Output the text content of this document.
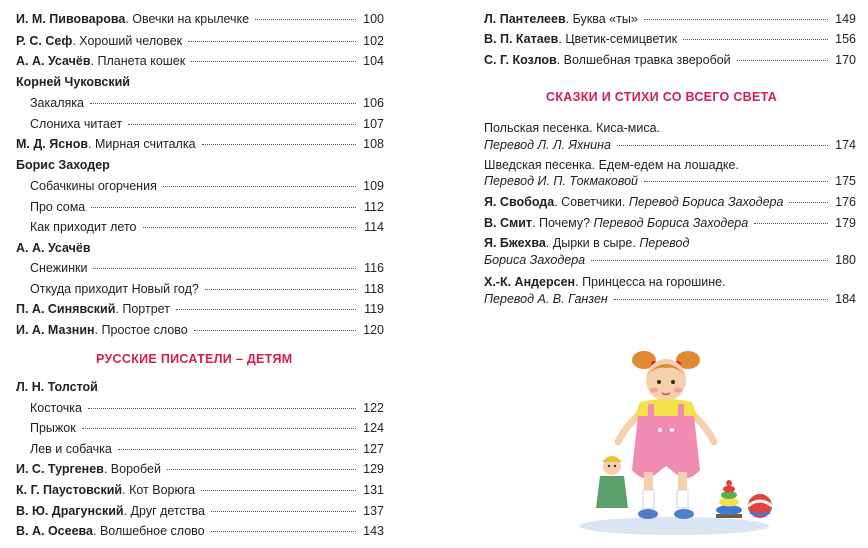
И. М. Пивоварова. Овечки на крылечке	100
Р. С. Сеф. Хороший человек	102
А. А. Усачёв. Планета кошек	104
Корней Чуковский
Закаляка	106
Слониха читает	107
М. Д. Яснов. Мирная считалка	108
Борис Заходер
Собачкины огорчения	109
Про сома	112
Как приходит лето	114
А. А. Усачёв
Снежинки	116
Откуда приходит Новый год?	118
П. А. Синявский. Портрет	119
И. А. Мазнин. Простое слово	120
РУССКИЕ ПИСАТЕЛИ – ДЕТЯМ
Л. Н. Толстой
Косточка	122
Прыжок	124
Лев и собачка	127
И. С. Тургенев. Воробей	129
К. Г. Паустовский. Кот Ворюга	131
В. Ю. Драгунский. Друг детства	137
В. А. Осеева. Волшебное слово	143
Л. Пантелеев. Буква «ты»	149
В. П. Катаев. Цветик-семицветик	156
С. Г. Козлов. Волшебная травка зверобой	170
СКАЗКИ И СТИХИ СО ВСЕГО СВЕТА
Польская песенка. Киса-миса.
Перевод Л. Л. Яхнина	174
Шведская песенка. Едем-едем на лошадке.
Перевод И. П. Токмаковой	175
Я. Свобода. Советчики. Перевод Бориса Заходера	176
В. Смит. Почему? Перевод Бориса Заходера	179
Я. Бжехва. Дырки в сыре. Перевод
Бориса Заходера	180
Х.-К. Андерсен. Принцесса на горошине.
Перевод А. В. Ганзен	184
